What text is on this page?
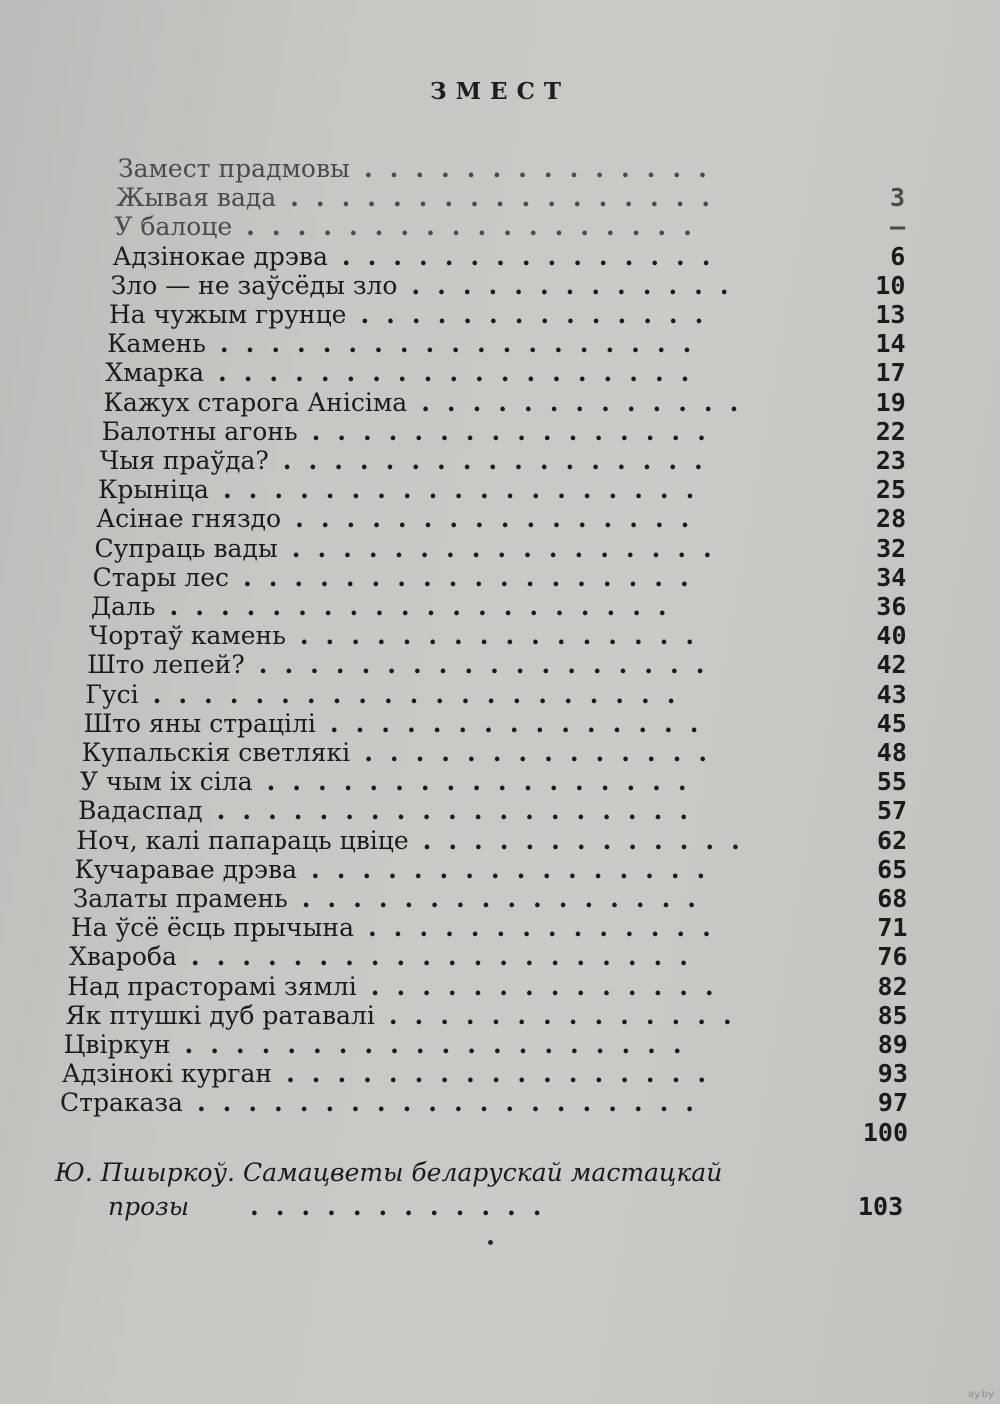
ЗМЕСТ
Замест прадмовы ..............
Жывая вада .................	3
У балоце ..................	—
Адзінокае дрэва ...............	6
Зло — не заўсёды зло .............	10
На чужым грунце ..............	13
Камень ...................	14
Хмарка ...................	17
Кажух старога Анісіма .............	19
Балотны агонь ................	22
Чыя праўда? .................	23
Крыніца ...................	25
Асінае гняздо ................	28
Супраць вады .................	32
Стары лес ..................	34
Даль ....................	36
Чортаў камень ................	40
Што лепей? ..................	42
Гусі .....................	43
Што яны страцілі ...............	45
Купальскія светлякі ..............	48
У чым іх сіла .................	55
Вадаспад ...................	57
Ноч, калі папараць цвіце .............	62
Кучаравае дрэва ................	65
Залаты прамень ................	68
На ўсё ёсць прычына ..............	71
Хвароба ....................	76
Над прасторамі зямлі ..............	82
Як птушкі дуб ратавалі ..............	85
Цвіркун ....................	89
Адзінокі курган .................	93
Страказа ....................	97
100
Ю. Пшыркоў. Самацветы беларускай мастацкай
прозы ............	103
ay.by
